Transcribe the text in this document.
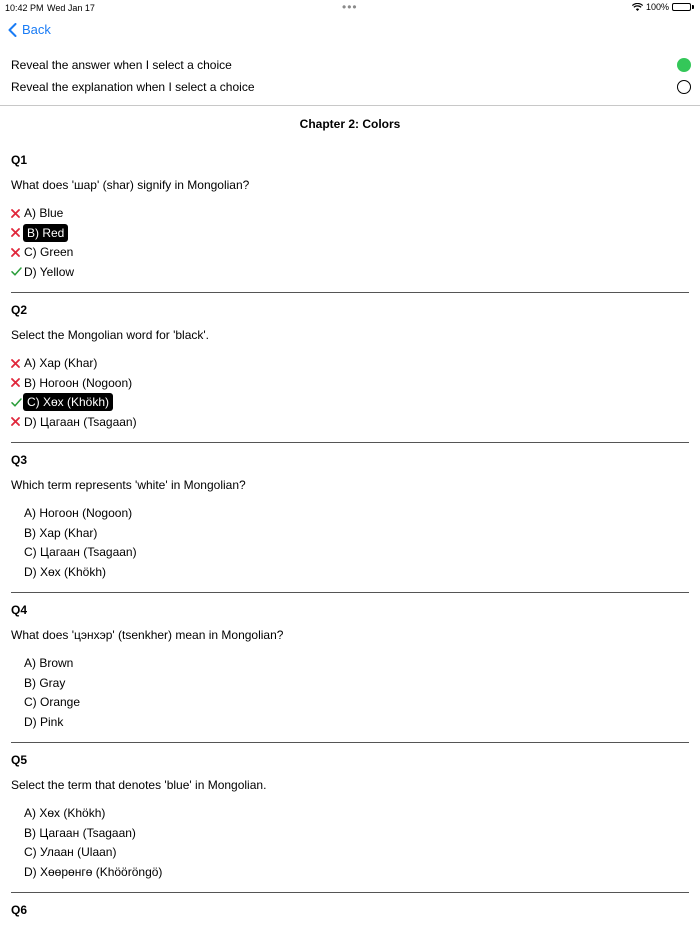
10:42 PM Wed Jan 17	•••	100%
Back
Reveal the answer when I select a choice
Reveal the explanation when I select a choice
Chapter 2: Colors
Q1
What does 'шар' (shar) signify in Mongolian?
A) Blue
B) Red
C) Green
D) Yellow
Q2
Select the Mongolian word for 'black'.
A) Хар (Khar)
B) Ногоон (Nogoon)
C) Хөх (Khökh)
D) Цагаан (Tsagaan)
Q3
Which term represents 'white' in Mongolian?
A) Ногоон (Nogoon)
B) Хар (Khar)
C) Цагаан (Tsagaan)
D) Хөх (Khökh)
Q4
What does 'цэнхэр' (tsenkher) mean in Mongolian?
A) Brown
B) Gray
C) Orange
D) Pink
Q5
Select the term that denotes 'blue' in Mongolian.
A) Хөх (Khökh)
B) Цагаан (Tsagaan)
C) Улаан (Ulaan)
D) Хөөрөнгө (Khööröngö)
Q6
